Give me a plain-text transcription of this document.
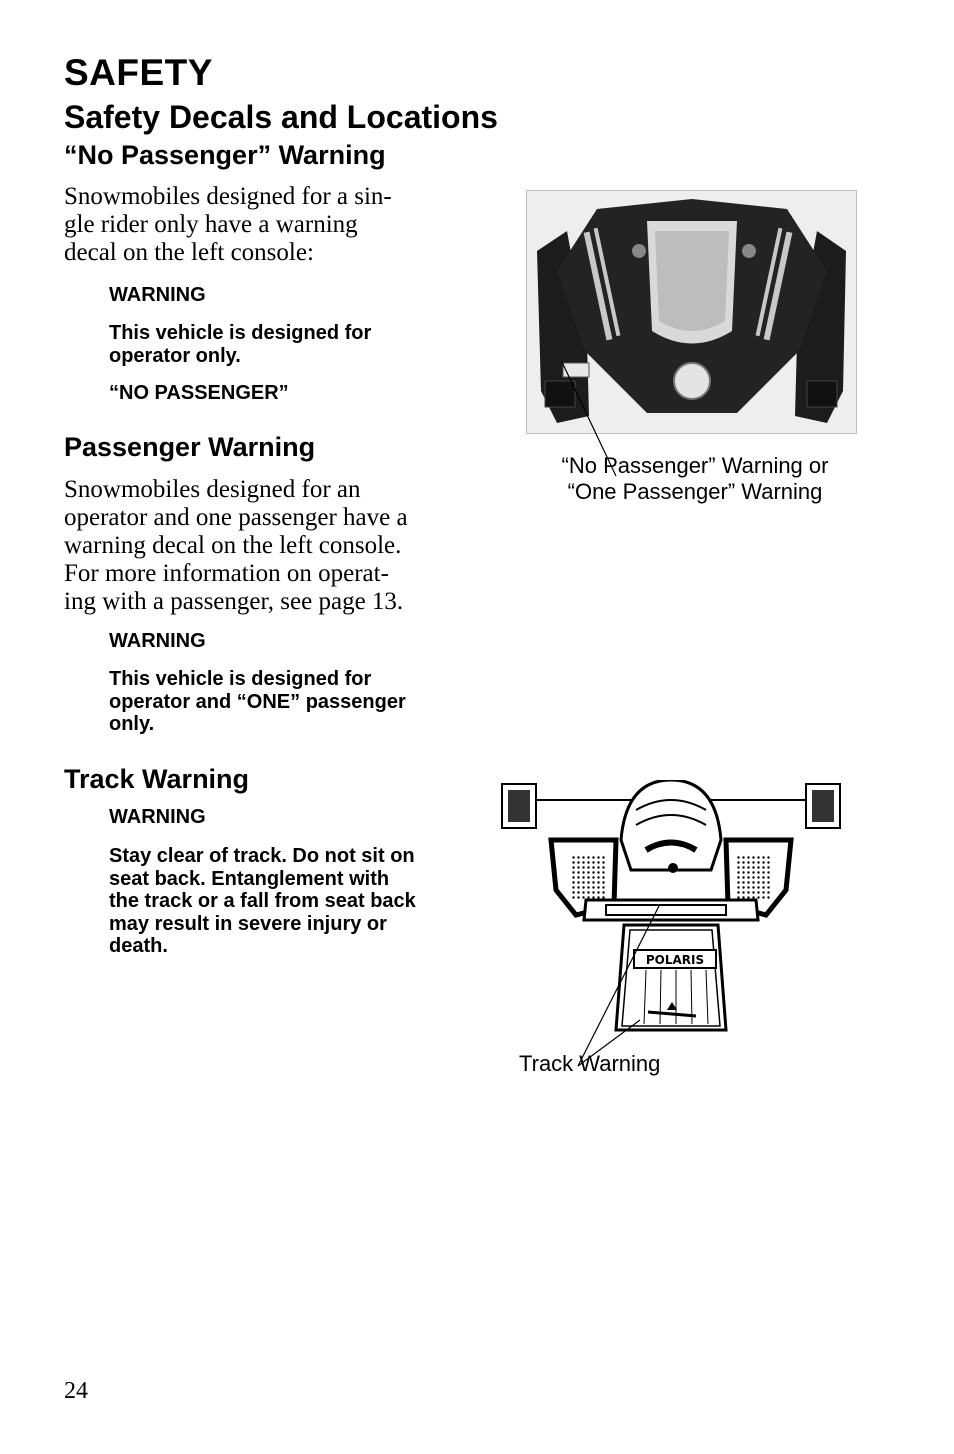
SAFETY
Safety Decals and Locations
“No Passenger” Warning
Snowmobiles designed for a sin-
gle rider only have a warning
decal on the left console:
WARNING
This vehicle is designed for
operator only.
“NO PASSENGER”
Passenger Warning
Snowmobiles designed for an
operator and one passenger have a
warning decal on the left console.
For more information on operat-
ing with a passenger, see page 13.
WARNING
This vehicle is designed for
operator and “ONE” passenger
only.
Track Warning
WARNING
Stay clear of track. Do not sit on
seat back. Entanglement with
the track or a fall from seat back
may result in severe injury or
death.
“No Passenger” Warning or
“One Passenger” Warning
POLARIS
Track Warning
24
